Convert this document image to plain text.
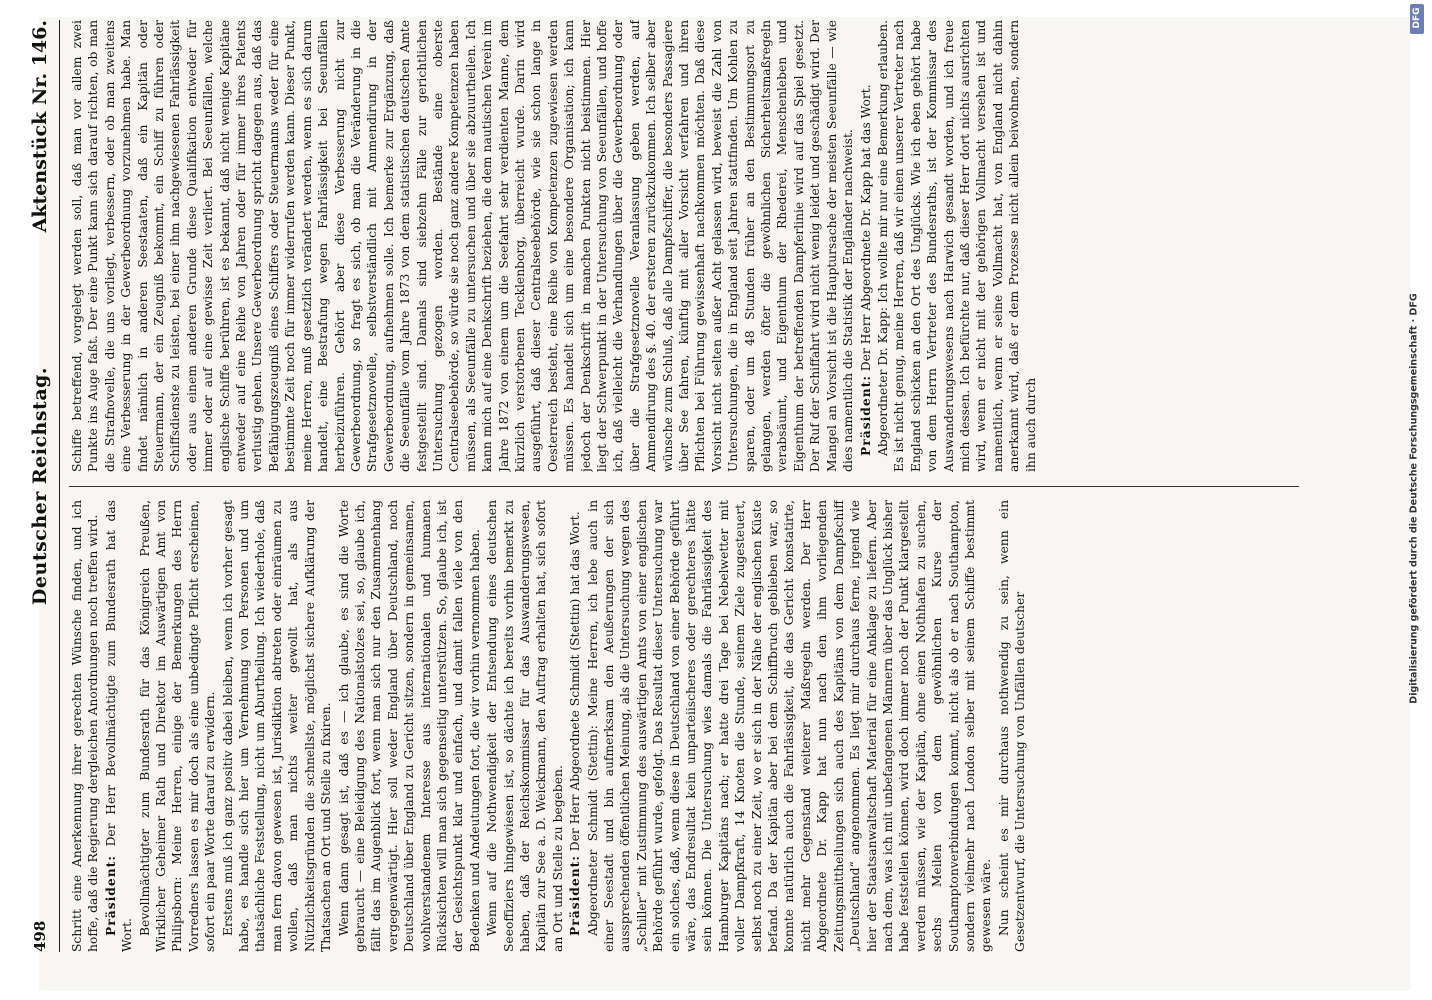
498
Deutscher Reichstag.
Aktenstück Nr. 146.

Schritt eine Anerkennung ihrer gerechten Wünsche finden, und ich hoffe, daß die Regierung dergleichen Anordnungen noch treffen wird. Präsident: Der Herr Bevollmächtigte zum Bundesrath hat das Wort. Bevollmächtigter zum Bundesrath für das Königreich Preußen, Wirklicher Geheimer Rath und Direktor im Auswärtigen Amt von Philipsborn: Meine Herren, einige der Bemerkungen des Herrn Vorredners lassen es mir doch als eine unbedingte Pflicht erscheinen, sofort ein paar Worte darauf zu erwidern. Erstens muß ich ganz positiv dabei bleiben, wenn ich vorher gesagt habe, es handle sich hier um Vernehmung von Personen und um thatsächliche Feststellung, nicht um Aburtheilung. Ich wiederhole, daß man fern davon gewesen ist, Jurisdiktion abtreten oder einräumen zu wollen, daß man nichts weiter gewollt hat, als aus Nützlichkeitsgründen die schnellste, möglichst sichere Aufklärung der Thatsachen an Ort und Stelle zu fixiren. Wenn dann gesagt ist, daß es — ich glaube, es sind die Worte gebraucht — eine Beleidigung des Nationalstolzes sei, so, glaube ich, fällt das im Augenblick fort, wenn man sich nur den Zusammenhang vergegenwärtigt. Hier soll weder England über Deutschland, noch Deutschland über England zu Gericht sitzen, sondern in gemeinsamen, wohlverstandenem Interesse aus internationalen und humanen Rücksichten will man sich gegenseitig unterstützen. So, glaube ich, ist der Gesichtspunkt klar und einfach, und damit fallen viele von den Bedenken und Andeutungen fort, die wir vorhin vernommen haben. Wenn auf die Nothwendigkeit der Entsendung eines deutschen Seeoffiziers hingewiesen ist, so dächte ich bereits vorhin bemerkt zu haben, daß der Reichskommissar für das Auswanderungswesen, Kapitän zur See a. D. Weickmann, den Auftrag erhalten hat, sich sofort an Ort und Stelle zu begeben. Präsident: Der Herr Abgeordnete Schmidt (Stettin) hat das Wort. Abgeordneter Schmidt (Stettin): Meine Herren, ich lebe auch in einer Seestadt und bin aufmerksam den Aeußerungen der sich aussprechenden öffentlichen Meinung, als die Untersuchung wegen des „Schiller“ mit Zustimmung des auswärtigen Amts von einer englischen Behörde geführt wurde, gefolgt. Das Resultat dieser Untersuchung war ein solches, daß, wenn diese in Deutschland von einer Behörde geführt wäre, das Endresultat kein unparteiischeres oder gerechteres hätte sein können. Die Untersuchung wies damals die Fahrlässigkeit des Hamburger Kapitäns nach; er hatte drei Tage bei Nebelwetter mit voller Dampfkraft, 14 Knoten die Stunde, seinem Ziele zugesteuert, selbst noch zu einer Zeit, wo er sich in der Nähe der englischen Küste befand. Da der Kapitän aber bei dem Schiffbruch geblieben war, so konnte natürlich auch die Fahrlässigkeit, die das Gericht konstatirte, nicht mehr Gegenstand weiterer Maßregeln werden. Der Herr Abgeordnete Dr. Kapp hat nun nach den ihm vorliegenden Zeitungsmittheilungen sich auch des Kapitäns von dem Dampfschiff „Deutschland“ angenommen. Es liegt mir durchaus ferne, irgend wie hier der Staatsanwaltschaft Material für eine Anklage zu liefern. Aber nach dem, was ich mit unbefangenen Männern über das Unglück bisher habe feststellen können, wird doch immer noch der Punkt klargestellt werden müssen, wie der Kapitän, ohne einen Nothhafen zu suchen, sechs Meilen von dem gewöhnlichen Kurse der Southamptonverbindungen kommt, nicht als ob er nach Southampton, sondern vielmehr nach London selber mit seinem Schiffe bestimmt gewesen wäre. Nun scheint es mir durchaus nothwendig zu sein, wenn ein Gesetzentwurf, die Untersuchung von Unfällen deutscher

Schiffe betreffend, vorgelegt werden soll, daß man vor allem zwei Punkte ins Auge faßt. Der eine Punkt kann sich darauf richten, ob man die Strafnovelle, die uns vorliegt, verbessern, oder ob man zweitens eine Verbesserung in der Gewerbeordnung vorzunehmen habe. Man findet nämlich in anderen Seestaaten, daß ein Kapitän oder Steuermann, der ein Zeugniß bekommt, ein Schiff zu führen oder Schiffsdienste zu leisten, bei einer ihm nachgewiesenen Fahrlässigkeit oder aus einem anderen Grunde diese Qualifikation entweder für immer oder auf eine gewisse Zeit verliert. Bei Seeunfällen, welche englische Schiffe berühren, ist es bekannt, daß nicht wenige Kapitäne entweder auf eine Reihe von Jahren oder für immer ihres Patents verlustig gehen. Unsere Gewerbeordnung spricht dagegen aus, daß das Befähigungszeugniß eines Schiffers oder Steuermanns weder für eine bestimmte Zeit noch für immer widerrufen werden kann. Dieser Punkt, meine Herren, muß gesetzlich verändert werden, wenn es sich darum handelt, eine Bestrafung wegen Fahrlässigkeit bei Seeunfällen herbeizuführen. Gehört aber diese Verbesserung nicht zur Gewerbeordnung, so fragt es sich, ob man die Veränderung in die Strafgesetznovelle, selbstverständlich mit Ammendirung in der Gewerbeordnung, aufnehmen solle. Ich bemerke zur Ergänzung, daß die Seeunfälle vom Jahre 1873 von dem statistischen deutschen Amte festgestellt sind. Damals sind siebzehn Fälle zur gerichtlichen Untersuchung gezogen worden. Bestände eine oberste Centralseebehörde, so würde sie noch ganz andere Kompetenzen haben müssen, als Seeunfälle zu untersuchen und über sie abzuurtheilen. Ich kann mich auf eine Denkschrift beziehen, die dem nautischen Verein im Jahre 1872 von einem um die Seefahrt sehr verdienten Manne, dem kürzlich verstorbenen Tecklenborg, überreicht wurde. Darin wird ausgeführt, daß dieser Centralseebehörde, wie sie schon lange in Oesterreich besteht, eine Reihe von Kompetenzen zugewiesen werden müssen. Es handelt sich um eine besondere Organisation; ich kann jedoch der Denkschrift in manchen Punkten nicht beistimmen. Hier liegt der Schwerpunkt in der Untersuchung von Seeunfällen, und hoffe ich, daß vielleicht die Verhandlungen über die Gewerbeordnung oder über die Strafgesetznovelle Veranlassung geben werden, auf Ammendirung des §. 40. der ersteren zurückzukommen. Ich selber aber wünsche zum Schluß, daß alle Dampfschiffer, die besonders Passagiere über See fahren, künftig mit aller Vorsicht verfahren und ihren Pflichten bei Führung gewissenhaft nachkommen möchten. Daß diese Vorsicht nicht selten außer Acht gelassen wird, beweist die Zahl von Untersuchungen, die in England seit Jahren stattfinden. Um Kohlen zu sparen, oder um 48 Stunden früher an den Bestimmungsort zu gelangen, werden öfter die gewöhnlichen Sicherheitsmaßregeln verabsäumt, und Eigenthum der Rhederei, Menschenleben und Eigenthum der betreffenden Dampferlinie wird auf das Spiel gesetzt. Der Ruf der Schiffahrt wird nicht wenig leidet und geschädigt wird. Der Mangel an Vorsicht ist die Hauptursache der meisten Seeunfälle — wie dies namentlich die Statistik der Engländer nachweist. Präsident: Der Herr Abgeordnete Dr. Kapp hat das Wort. Abgeordneter Dr. Kapp: Ich wollte mir nur eine Bemerkung erlauben. Es ist nicht genug, meine Herren, daß wir einen unserer Vertreter nach England schicken an den Ort des Unglücks. Wie ich eben gehört habe von dem Herrn Vertreter des Bundesraths, ist der Kommissar des Auswanderungswesens nach Harwich gesandt worden, und ich freue mich dessen. Ich befürchte nur, daß dieser Herr dort nichts ausrichten wird, wenn er nicht mit der gehörigen Vollmacht versehen ist und namentlich, wenn er seine Vollmacht hat, von England nicht dahin anerkannt wird, daß er dem Prozesse nicht allein beiwohnen, sondern ihn auch durch	Digitalisierung gefördert durch die Deutsche Forschungsgemeinschaft · DFG
DFG
